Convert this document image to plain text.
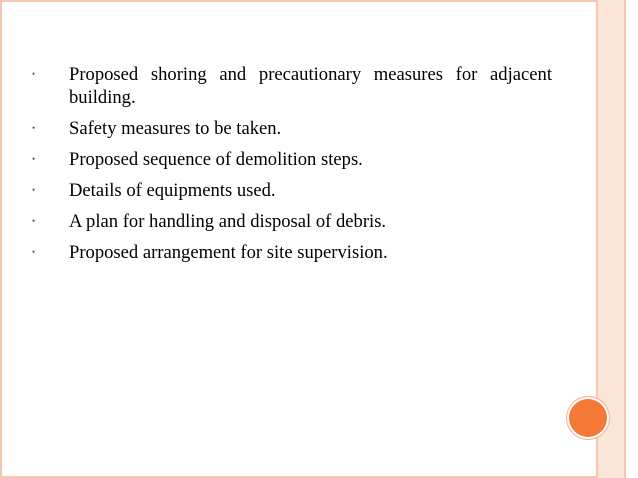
• Proposed shoring and precautionary measures for adjacent building.
• Safety measures to be taken.
• Proposed sequence of demolition steps.
• Details of equipments used.
• A plan for handling and disposal of debris.
• Proposed arrangement for site supervision.
